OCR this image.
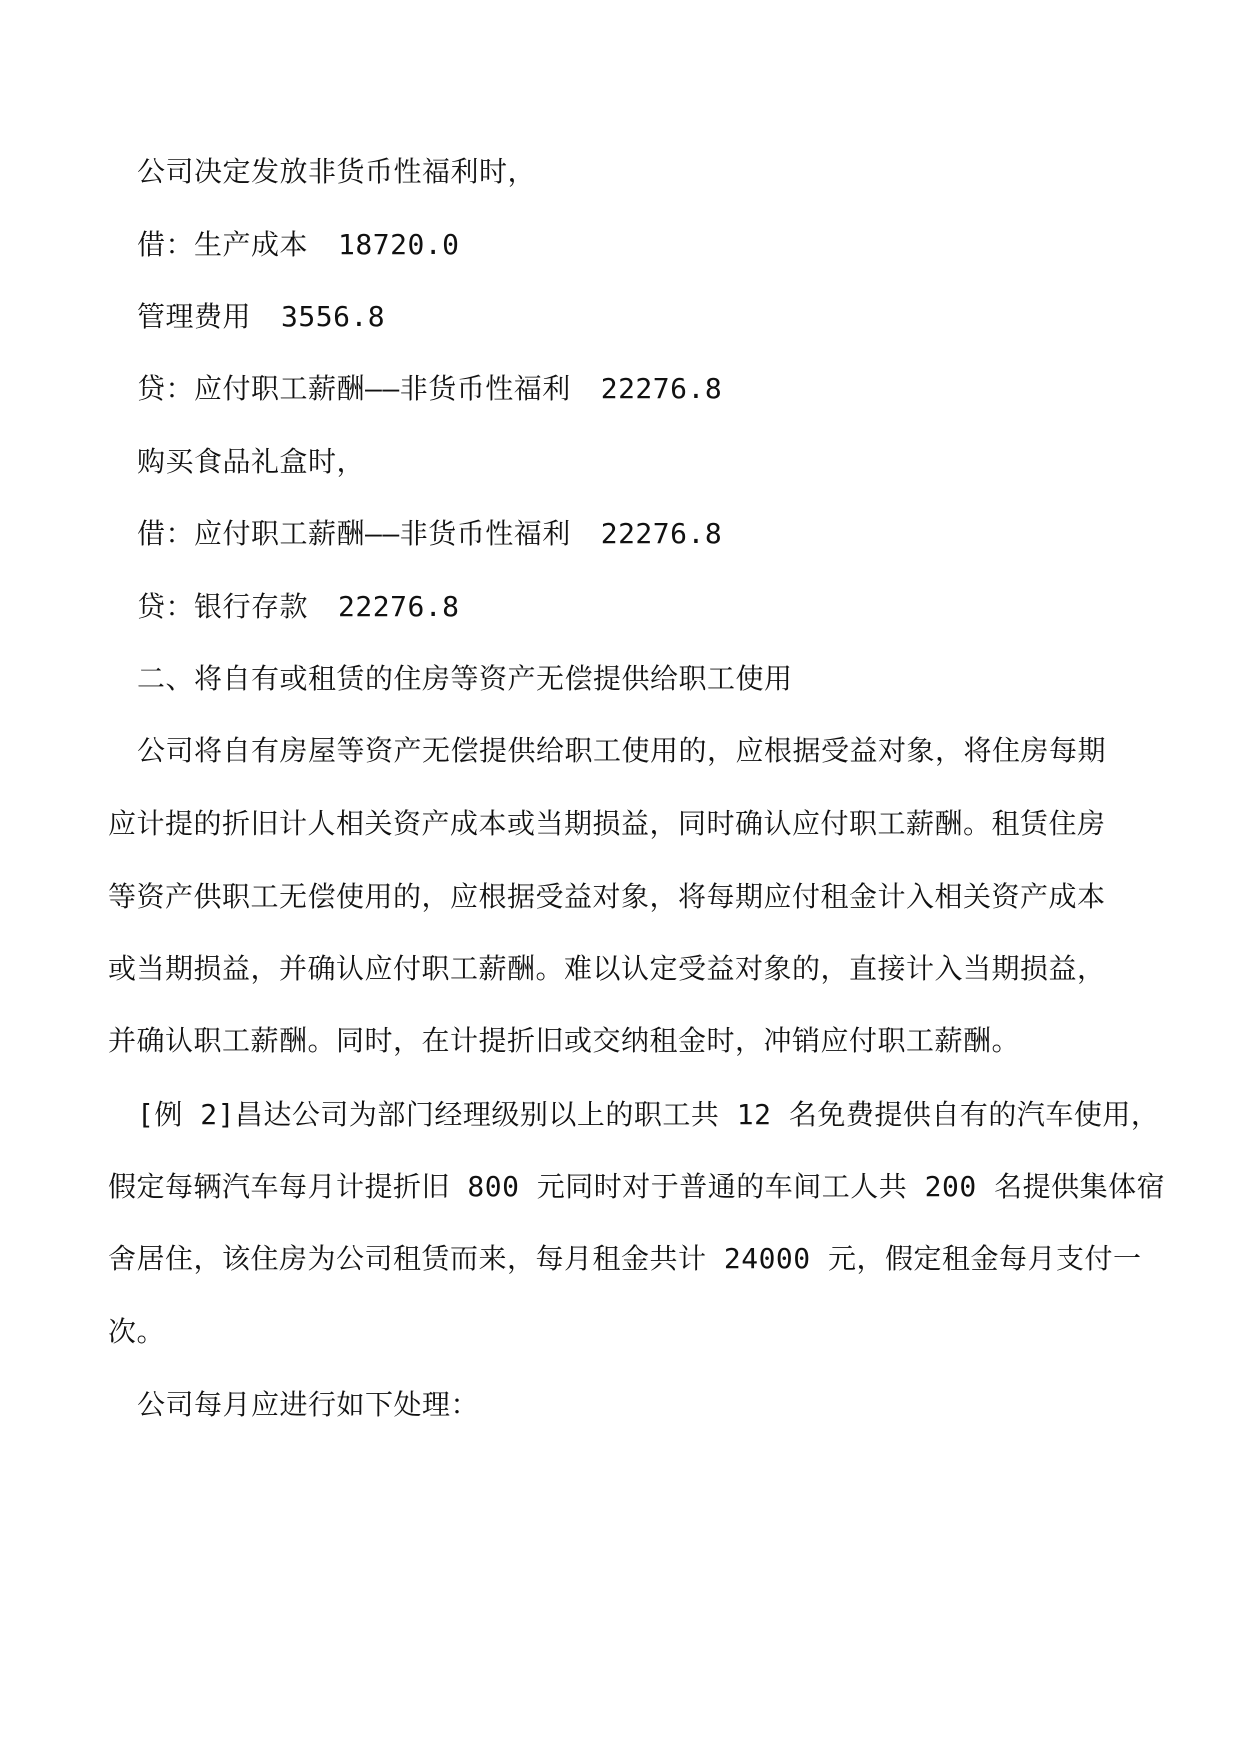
公司决定发放非货币性福利时，
借：生产成本 18720.0
管理费用 3556.8
贷：应付职工薪酬——非货币性福利 22276.8
购买食品礼盒时，
借：应付职工薪酬——非货币性福利 22276.8
贷：银行存款 22276.8
二、将自有或租赁的住房等资产无偿提供给职工使用
公司将自有房屋等资产无偿提供给职工使用的，应根据受益对象，将住房每期
应计提的折旧计人相关资产成本或当期损益，同时确认应付职工薪酬。租赁住房
等资产供职工无偿使用的，应根据受益对象，将每期应付租金计入相关资产成本
或当期损益，并确认应付职工薪酬。难以认定受益对象的，直接计入当期损益，
并确认职工薪酬。同时，在计提折旧或交纳租金时，冲销应付职工薪酬。
[例 2]昌达公司为部门经理级别以上的职工共 12 名免费提供自有的汽车使用，
假定每辆汽车每月计提折旧 800 元同时对于普通的车间工人共 200 名提供集体宿
舍居住，该住房为公司租赁而来，每月租金共计 24000 元，假定租金每月支付一
次。
公司每月应进行如下处理：
